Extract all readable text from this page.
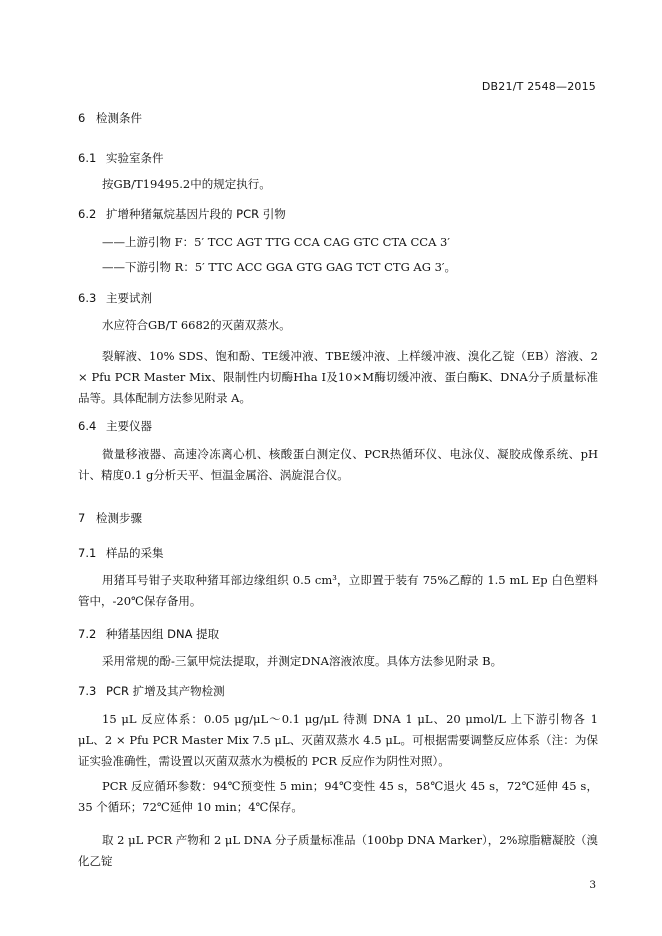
DB21/T 2548—2015
6 检测条件
6.1 实验室条件
按GB/T19495.2中的规定执行。
6.2 扩增种猪氟烷基因片段的 PCR 引物
——上游引物 F：5′ TCC AGT TTG CCA CAG GTC CTA CCA 3′
——下游引物 R：5′ TTC ACC GGA GTG GAG TCT CTG AG 3′。
6.3 主要试剂
水应符合GB/T 6682的灭菌双蒸水。
裂解液、10% SDS、饱和酚、TE缓冲液、TBE缓冲液、上样缓冲液、溴化乙锭（EB）溶液、2 × Pfu PCR Master Mix、限制性内切酶Hha I及10×M酶切缓冲液、蛋白酶K、DNA分子质量标准品等。具体配制方法参见附录 A。
6.4 主要仪器
微量移液器、高速冷冻离心机、核酸蛋白测定仪、PCR热循环仪、电泳仪、凝胶成像系统、pH计、精度0.1 g分析天平、恒温金属浴、涡旋混合仪。
7 检测步骤
7.1 样品的采集
用猪耳号钳子夹取种猪耳部边缘组织 0.5 cm³，立即置于装有 75%乙醇的 1.5 mL Ep 白色塑料管中，-20℃保存备用。
7.2 种猪基因组 DNA 提取
采用常规的酚-三氯甲烷法提取，并测定DNA溶液浓度。具体方法参见附录 B。
7.3 PCR 扩增及其产物检测
15 μL 反应体系：0.05 μg/μL～0.1 μg/μL 待测 DNA 1 μL、20 μmol/L 上下游引物各 1 μL、2 × Pfu PCR Master Mix 7.5 μL、灭菌双蒸水 4.5 μL。可根据需要调整反应体系（注：为保证实验准确性，需设置以灭菌双蒸水为模板的 PCR 反应作为阴性对照）。
PCR 反应循环参数：94℃预变性 5 min；94℃变性 45 s，58℃退火 45 s，72℃延伸 45 s，35 个循环；72℃延伸 10 min；4℃保存。
取 2 μL PCR 产物和 2 μL DNA 分子质量标准品（100bp DNA Marker），2%琼脂糖凝胶（溴化乙锭
3
